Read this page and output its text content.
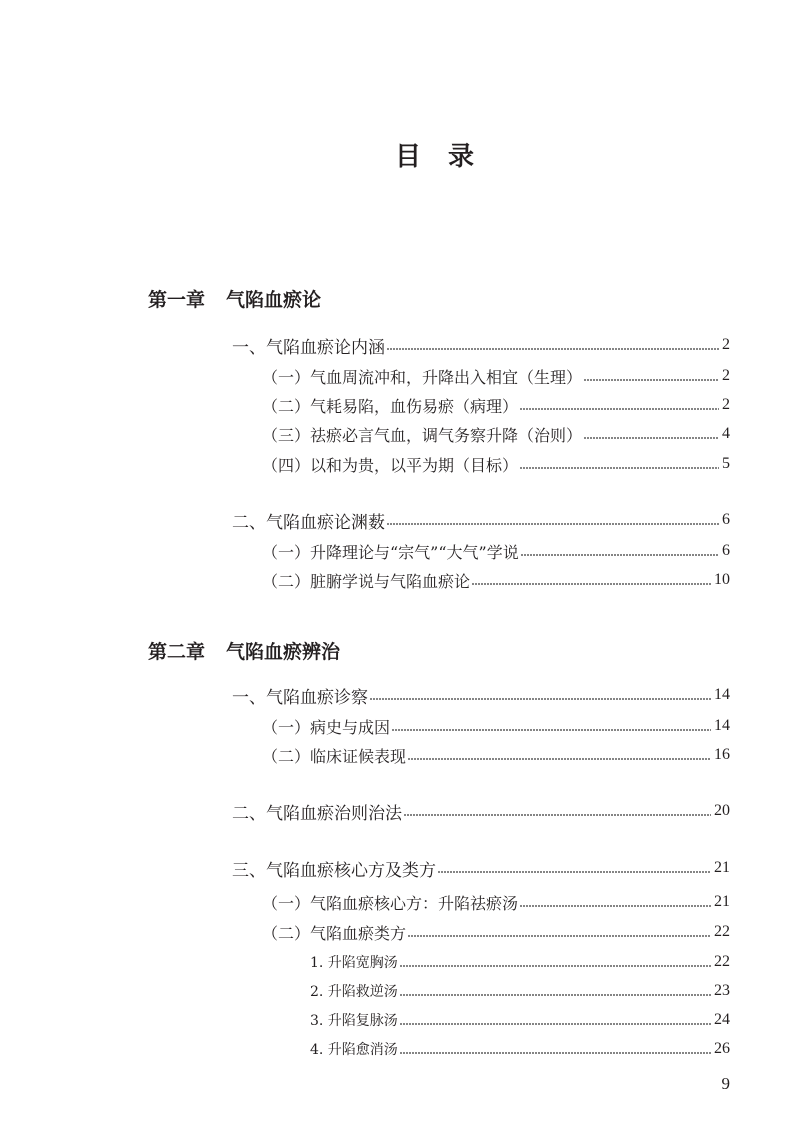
目录
第一章 气陷血瘀论
一、气陷血瘀论内涵	2
（一）气血周流冲和，升降出入相宜（生理）	2
（二）气耗易陷，血伤易瘀（病理）	2
（三）祛瘀必言气血，调气务察升降（治则）	4
（四）以和为贵，以平为期（目标）	5
二、气陷血瘀论渊薮	6
（一）升降理论与“宗气”“大气”学说	6
（二）脏腑学说与气陷血瘀论	10
第二章 气陷血瘀辨治
一、气陷血瘀诊察	14
（一）病史与成因	14
（二）临床证候表现	16
二、气陷血瘀治则治法	20
三、气陷血瘀核心方及类方	21
（一）气陷血瘀核心方：升陷祛瘀汤	21
（二）气陷血瘀类方	22
1. 升陷宽胸汤	22
2. 升陷救逆汤	23
3. 升陷复脉汤	24
4. 升陷愈消汤	26
9
